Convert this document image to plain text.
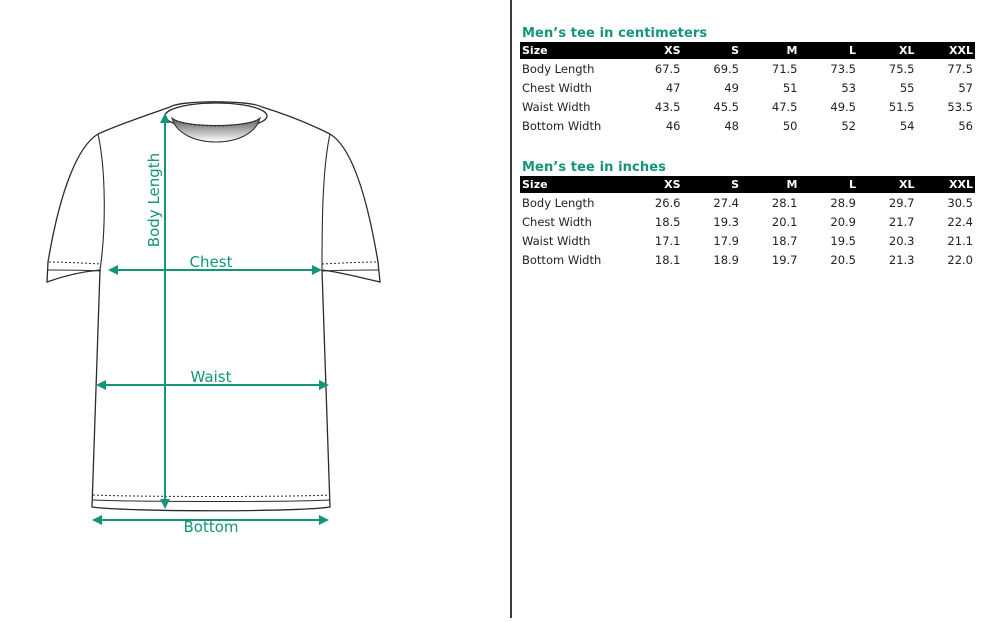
Body Length
Chest
Waist
Bottom
Men’s tee in centimeters
Size	XS	S	M	L	XL	XXL
Body Length	67.5	69.5	71.5	73.5	75.5	77.5
Chest Width	47	49	51	53	55	57
Waist Width	43.5	45.5	47.5	49.5	51.5	53.5
Bottom Width	46	48	50	52	54	56
Men’s tee in inches
Size	XS	S	M	L	XL	XXL
Body Length	26.6	27.4	28.1	28.9	29.7	30.5
Chest Width	18.5	19.3	20.1	20.9	21.7	22.4
Waist Width	17.1	17.9	18.7	19.5	20.3	21.1
Bottom Width	18.1	18.9	19.7	20.5	21.3	22.0
